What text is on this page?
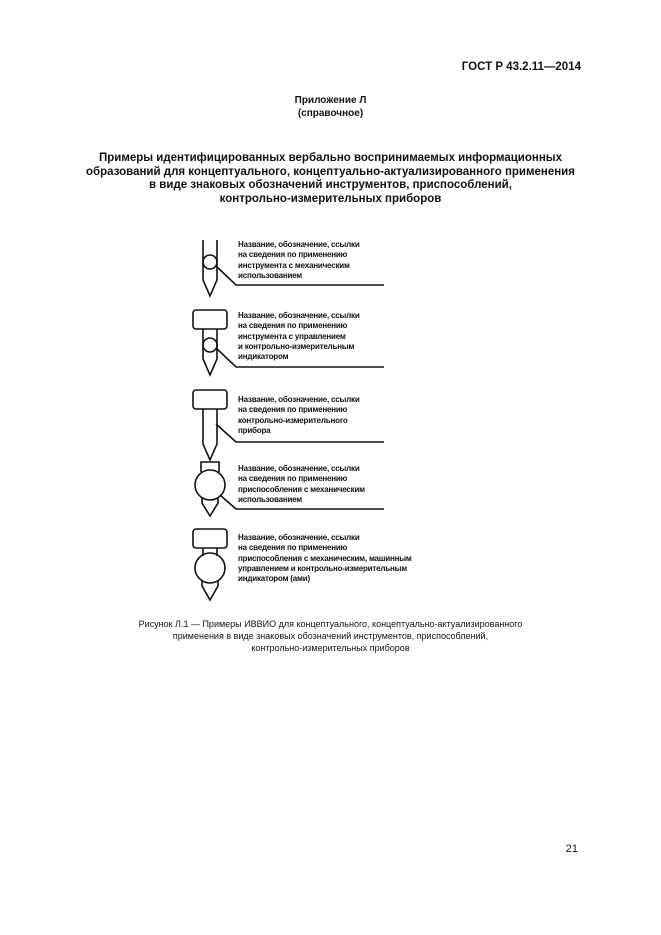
ГОСТ Р 43.2.11—2014
Приложение Л
(справочное)
Примеры идентифицированных вербально воспринимаемых информационных
образований для концептуального, концептуально-актуализированного применения
в виде знаковых обозначений инструментов, приспособлений,
контрольно-измерительных приборов
Название, обозначение, ссылки
на сведения по применению
инструмента с механическим
использованием
Название, обозначение, ссылки
на сведения по применению
инструмента с управлением
и контрольно-измерительным
индикатором
Название, обозначение, ссылки
на сведения по применению
контрольно-измерительного
прибора
Название, обозначение, ссылки
на сведения по применению
приспособления с механическим
использованием
Название, обозначение, ссылки
на сведения по применению
приспособления с механическим, машинным
управлением и контрольно-измерительным
индикатором (ами)
Рисунок Л.1 — Примеры ИВВИО для концептуального, концептуально-актуализированного
применения в виде знаковых обозначений инструментов, приспособлений,
контрольно-измерительных приборов
21
